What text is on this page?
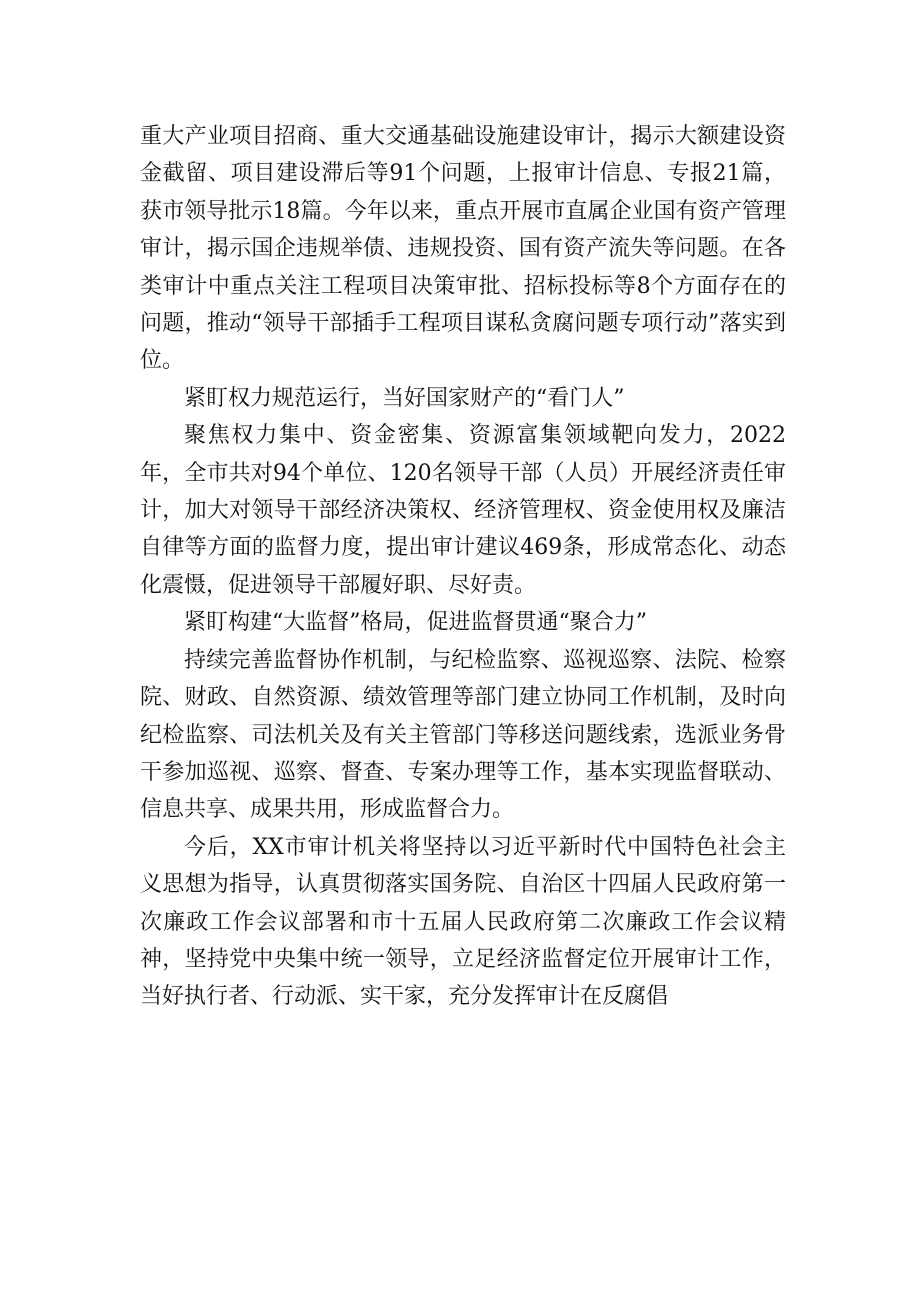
重大产业项目招商、重大交通基础设施建设审计，揭示大额建设资金截留、项目建设滞后等91个问题，上报审计信息、专报21篇，获市领导批示18篇。今年以来，重点开展市直属企业国有资产管理审计，揭示国企违规举债、违规投资、国有资产流失等问题。在各类审计中重点关注工程项目决策审批、招标投标等8个方面存在的问题，推动“领导干部插手工程项目谋私贪腐问题专项行动”落实到位。

紧盯权力规范运行，当好国家财产的“看门人”

聚焦权力集中、资金密集、资源富集领域靶向发力，2022年，全市共对94个单位、120名领导干部（人员）开展经济责任审计，加大对领导干部经济决策权、经济管理权、资金使用权及廉洁自律等方面的监督力度，提出审计建议469条，形成常态化、动态化震慑，促进领导干部履好职、尽好责。

紧盯构建“大监督”格局，促进监督贯通“聚合力”

持续完善监督协作机制，与纪检监察、巡视巡察、法院、检察院、财政、自然资源、绩效管理等部门建立协同工作机制，及时向纪检监察、司法机关及有关主管部门等移送问题线索，选派业务骨干参加巡视、巡察、督查、专案办理等工作，基本实现监督联动、信息共享、成果共用，形成监督合力。

今后，XX市审计机关将坚持以习近平新时代中国特色社会主义思想为指导，认真贯彻落实国务院、自治区十四届人民政府第一次廉政工作会议部署和市十五届人民政府第二次廉政工作会议精神，坚持党中央集中统一领导，立足经济监督定位开展审计工作，当好执行者、行动派、实干家，充分发挥审计在反腐倡
